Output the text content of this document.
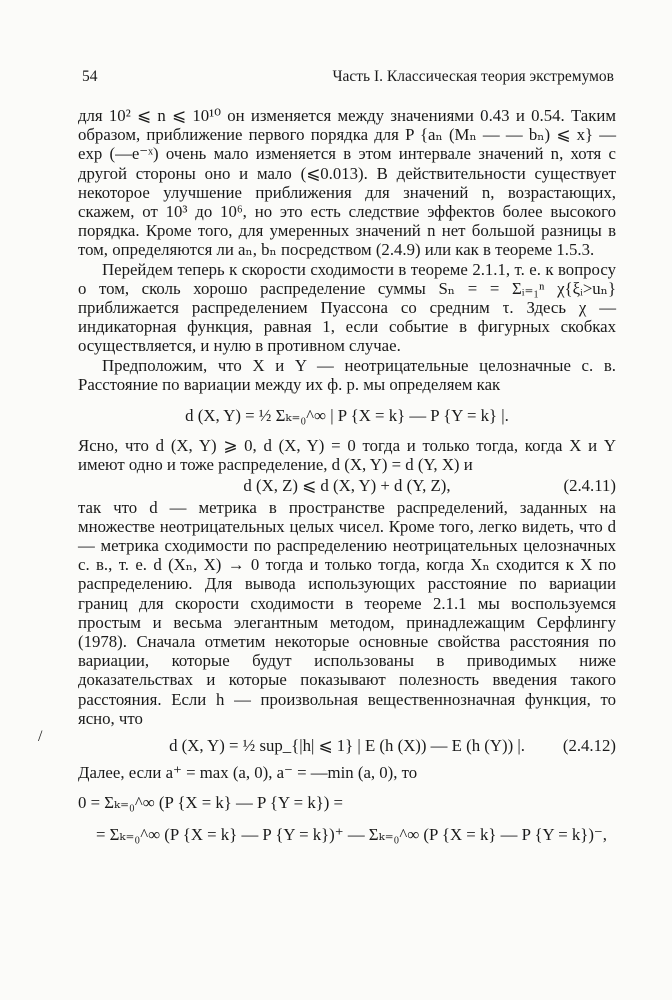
54	Часть I. Классическая теория экстремумов
/

для 10² ⩽ n ⩽ 10¹⁰ он изменяется между значениями 0.43 и 0.54. Таким образом, приближение первого порядка для P {aₙ (Mₙ — — bₙ) ⩽ x} — exp (—e⁻ˣ) очень мало изменяется в этом интервале значений n, хотя с другой стороны оно и мало (⩽0.013). В действительности существует некоторое улучшение приближения для значений n, возрастающих, скажем, от 10³ до 10⁶, но это есть следствие эффектов более высокого порядка. Кроме того, для умеренных значений n нет большой разницы в том, определяются ли aₙ, bₙ посредством (2.4.9) или как в теореме 1.5.3.

Перейдем теперь к скорости сходимости в теореме 2.1.1, т. е. к вопросу о том, сколь хорошо распределение суммы Sₙ = = Σᵢ₌₁ⁿ χ{ξᵢ>uₙ} приближается распределением Пуассона со средним τ. Здесь χ — индикаторная функция, равная 1, если событие в фигурных скобках осуществляется, и нулю в противном случае.

Предположим, что X и Y — неотрицательные целозначные с. в. Расстояние по вариации между их ф. р. мы определяем как

d (X, Y) = ½ Σₖ₌₀^∞ | P {X = k} — P {Y = k} |.

Ясно, что d (X, Y) ⩾ 0, d (X, Y) = 0 тогда и только тогда, когда X и Y имеют одно и тоже распределение, d (X, Y) = d (Y, X) и

d (X, Z) ⩽ d (X, Y) + d (Y, Z),	(2.4.11)

так что d — метрика в пространстве распределений, заданных на множестве неотрицательных целых чисел. Кроме того, легко видеть, что d — метрика сходимости по распределению неотрицательных целозначных с. в., т. е. d (Xₙ, X) → 0 тогда и только тогда, когда Xₙ сходится к X по распределению. Для вывода использующих расстояние по вариации границ для скорости сходимости в теореме 2.1.1 мы воспользуемся простым и весьма элегантным методом, принадлежащим Серфлингу (1978). Сначала отметим некоторые основные свойства расстояния по вариации, которые будут использованы в приводимых ниже доказательствах и которые показывают полезность введения такого расстояния. Если h — произвольная вещественнозначная функция, то ясно, что

d (X, Y) = ½ sup_{|h| ⩽ 1} | E (h (X)) — E (h (Y)) |. (2.4.12)

Далее, если a⁺ = max (a, 0), a⁻ = —min (a, 0), то

0 = Σₖ₌₀^∞ (P {X = k} — P {Y = k}) =
= Σₖ₌₀^∞ (P {X = k} — P {Y = k})⁺ — Σₖ₌₀^∞ (P {X = k} — P {Y = k})⁻,
